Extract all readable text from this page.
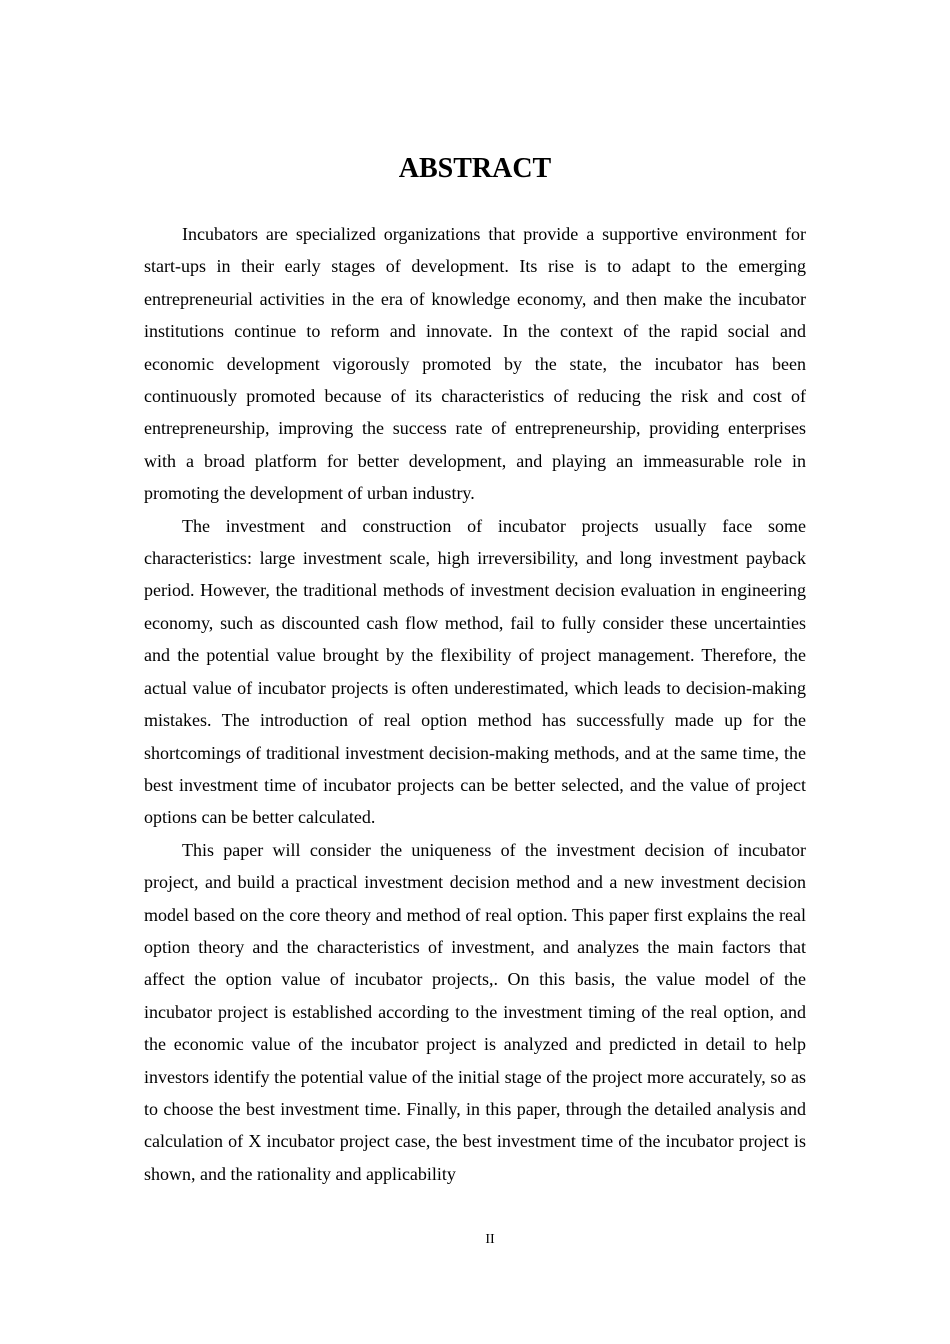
ABSTRACT

Incubators are specialized organizations that provide a supportive environment for start-ups in their early stages of development. Its rise is to adapt to the emerging entrepreneurial activities in the era of knowledge economy, and then make the incubator institutions continue to reform and innovate. In the context of the rapid social and economic development vigorously promoted by the state, the incubator has been continuously promoted because of its characteristics of reducing the risk and cost of entrepreneurship, improving the success rate of entrepreneurship, providing enterprises with a broad platform for better development, and playing an immeasurable role in promoting the development of urban industry.

The investment and construction of incubator projects usually face some characteristics: large investment scale, high irreversibility, and long investment payback period. However, the traditional methods of investment decision evaluation in engineering economy, such as discounted cash flow method, fail to fully consider these uncertainties and the potential value brought by the flexibility of project management. Therefore, the actual value of incubator projects is often underestimated, which leads to decision-making mistakes. The introduction of real option method has successfully made up for the shortcomings of traditional investment decision-making methods, and at the same time, the best investment time of incubator projects can be better selected, and the value of project options can be better calculated.

This paper will consider the uniqueness of the investment decision of incubator project, and build a practical investment decision method and a new investment decision model based on the core theory and method of real option. This paper first explains the real option theory and the characteristics of investment, and analyzes the main factors that affect the option value of incubator projects,. On this basis, the value model of the incubator project is established according to the investment timing of the real option, and the economic value of the incubator project is analyzed and predicted in detail to help investors identify the potential value of the initial stage of the project more accurately, so as to choose the best investment time. Finally, in this paper, through the detailed analysis and calculation of X incubator project case, the best investment time of the incubator project is shown, and the rationality and applicability

II
